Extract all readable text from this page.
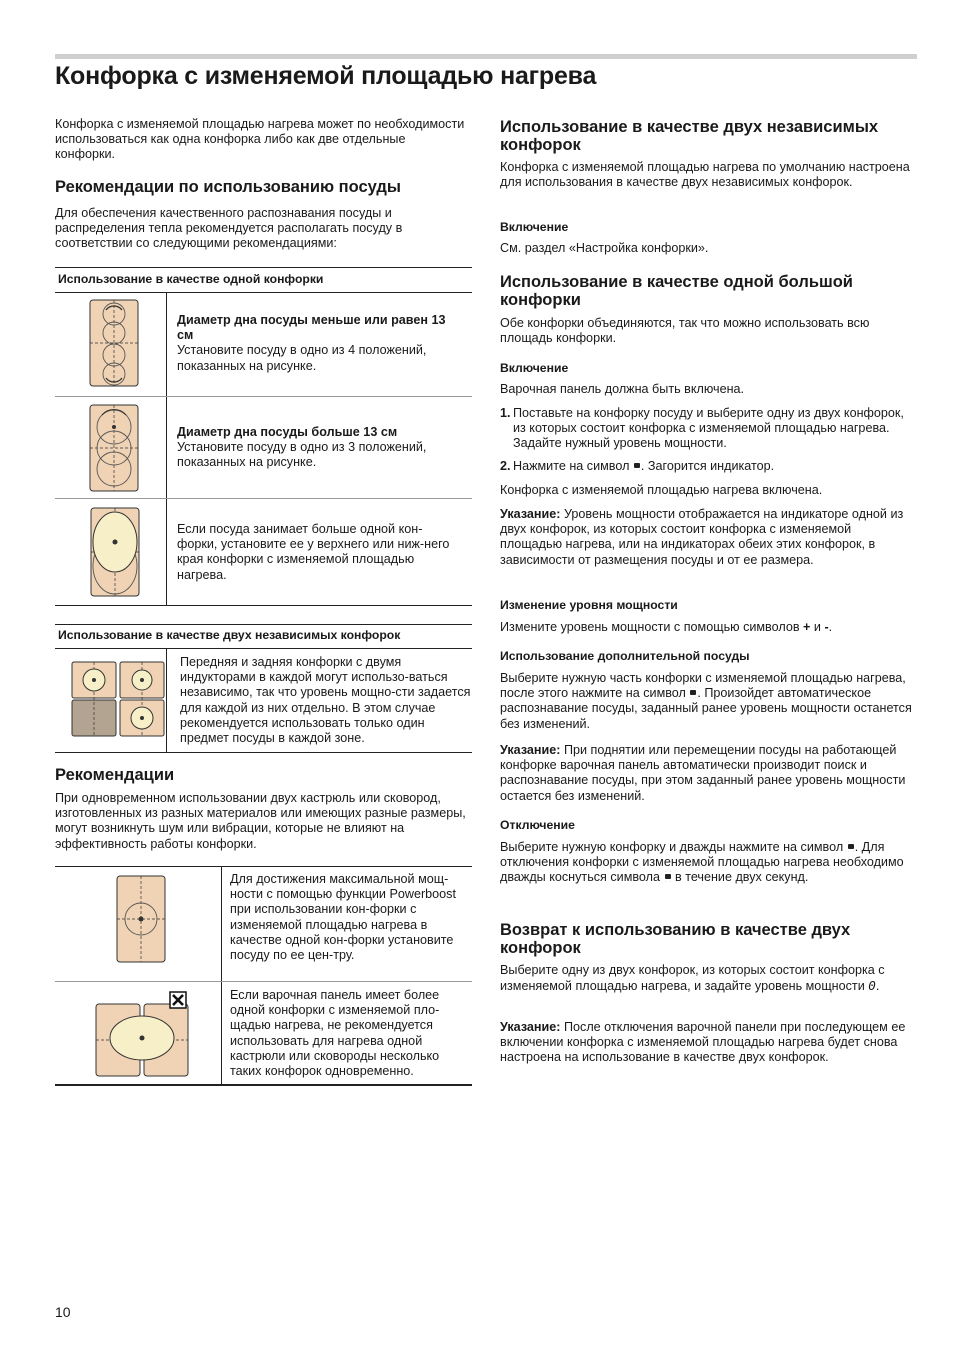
Конфорка с изменяемой площадью нагрева

Конфорка с изменяемой площадью нагрева может по необходимости использоваться как одна конфорка либо как две отдельные конфорки.

Рекомендации по использованию посуды

Для обеспечения качественного распознавания посуды и распределения тепла рекомендуется располагать посуду в соответствии со следующими рекомендациями:

Использование в качестве одной конфорки
Диаметр дна посуды меньше или равен 13 см
Установите посуду в одно из 4 положений, показанных на рисунке.
Диаметр дна посуды больше 13 см
Установите посуду в одно из 3 положений, показанных на рисунке.
Если посуда занимает больше одной кон-форки, установите ее у верхнего или ниж-него края конфорки с изменяемой площадью нагрева.
Использование в качестве двух независимых конфорок
Передняя и задняя конфорки с двумя индукторами в каждой могут использо-ваться независимо, так что уровень мощно-сти задается для каждой из них отдельно. В этом случае рекомендуется использовать только один предмет посуды в каждой зоне.
Рекомендации

При одновременном использовании двух кастрюль или сковород, изготовленных из разных материалов или имеющих разные размеры, могут возникнуть шум или вибрации, которые не влияют на эффективность работы конфорки.

Для достижения максимальной мощ-ности с помощью функции Powerboost при использовании кон-форки с изменяемой площадью нагрева в качестве одной кон-форки установите посуду по ее цен-тру.
Если варочная панель имеет более одной конфорки с изменяемой пло-щадью нагрева, не рекомендуется использовать для нагрева одной кастрюли или сковороды несколько таких конфорок одновременно.
10
Использование в качестве двух независимых конфорок

Конфорка с изменяемой площадью нагрева по умолчанию настроена для использования в качестве двух независимых конфорок.

Включение

См. раздел «Настройка конфорки».

Использование в качестве одной большой конфорки

Обе конфорки объединяются, так что можно использовать всю площадь конфорки.

Включение

Варочная панель должна быть включена.

1. Поставьте на конфорку посуду и выберите одну из двух конфорок, из которых состоит конфорка с изменяемой площадью нагрева. Задайте нужный уровень мощности.
2. Нажмите на символ . Загорится индикатор.

Конфорка с изменяемой площадью нагрева включена.

Указание: Уровень мощности отображается на индикаторе одной из двух конфорок, из которых состоит конфорка с изменяемой площадью нагрева, или на индикаторах обеих этих конфорок, в зависимости от размещения посуды и от ее размера.

Изменение уровня мощности

Измените уровень мощности с помощью символов + и -.

Использование дополнительной посуды

Выберите нужную часть конфорки с изменяемой площадью нагрева, после этого нажмите на символ . Произойдет автоматическое распознавание посуды, заданный ранее уровень мощности останется без изменений.

Указание: При поднятии или перемещении посуды на работающей конфорке варочная панель автоматически производит поиск и распознавание посуды, при этом заданный ранее уровень мощности остается без изменений.

Отключение

Выберите нужную конфорку и дважды нажмите на символ . Для отключения конфорки с изменяемой площадью нагрева необходимо дважды коснуться символа в течение двух секунд.

Возврат к использованию в качестве двух конфорок

Выберите одну из двух конфорок, из которых состоит конфорка с изменяемой площадью нагрева, и задайте уровень мощности 0.

Указание: После отключения варочной панели при последующем ее включении конфорка с изменяемой площадью нагрева будет снова настроена на использование в качестве двух конфорок.
